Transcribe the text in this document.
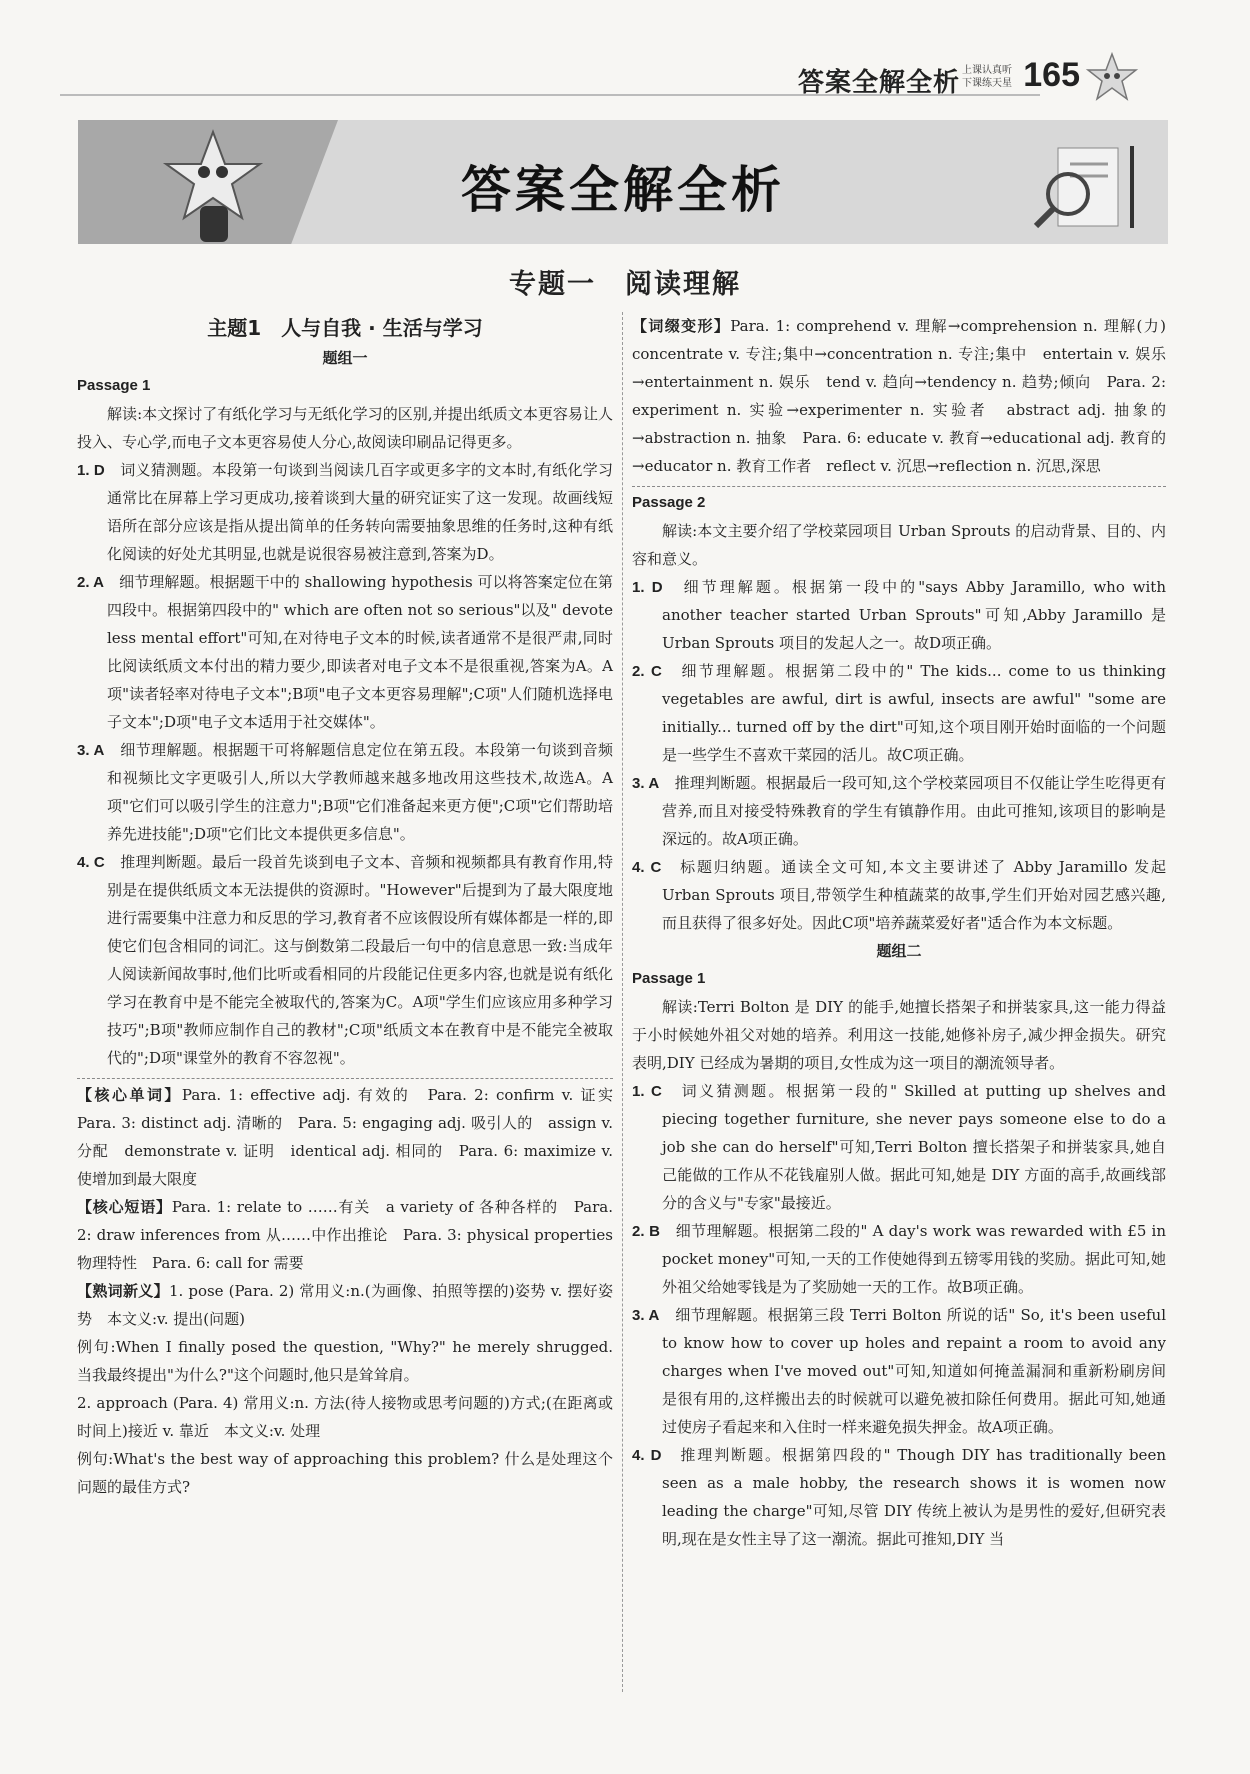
答案全解全析 上课认真听
下课练天星 165
答案全解全析
专题一　阅读理解
主题1　人与自我 · 生活与学习
题组一
Passage 1

解读:本文探讨了有纸化学习与无纸化学习的区别,并提出纸质文本更容易让人投入、专心学,而电子文本更容易使人分心,故阅读印刷品记得更多。

1. D　 词义猜测题。本段第一句谈到当阅读几百字或更多字的文本时,有纸化学习通常比在屏幕上学习更成功,接着谈到大量的研究证实了这一发现。故画线短语所在部分应该是指从提出简单的任务转向需要抽象思维的任务时,这种有纸化阅读的好处尤其明显,也就是说很容易被注意到,答案为D。

2. A　 细节理解题。根据题干中的 shallowing hypothesis 可以将答案定位在第四段中。根据第四段中的" which are often not so serious"以及" devote less mental effort"可知,在对待电子文本的时候,读者通常不是很严肃,同时比阅读纸质文本付出的精力要少,即读者对电子文本不是很重视,答案为A。A项"读者轻率对待电子文本";B项"电子文本更容易理解";C项"人们随机选择电子文本";D项"电子文本适用于社交媒体"。

3. A　 细节理解题。根据题干可将解题信息定位在第五段。本段第一句谈到音频和视频比文字更吸引人,所以大学教师越来越多地改用这些技术,故选A。A项"它们可以吸引学生的注意力";B项"它们准备起来更方便";C项"它们帮助培养先进技能";D项"它们比文本提供更多信息"。

4. C　 推理判断题。最后一段首先谈到电子文本、音频和视频都具有教育作用,特别是在提供纸质文本无法提供的资源时。"However"后提到为了最大限度地进行需要集中注意力和反思的学习,教育者不应该假设所有媒体都是一样的,即使它们包含相同的词汇。这与倒数第二段最后一句中的信息意思一致:当成年人阅读新闻故事时,他们比听或看相同的片段能记住更多内容,也就是说有纸化学习在教育中是不能完全被取代的,答案为C。A项"学生们应该应用多种学习技巧";B项"教师应制作自己的教材";C项"纸质文本在教育中是不能完全被取代的";D项"课堂外的教育不容忽视"。

【核心单词】Para. 1: effective adj. 有效的　Para. 2: confirm v. 证实　Para. 3: distinct adj. 清晰的　Para. 5: engaging adj. 吸引人的　assign v. 分配　demonstrate v. 证明　identical adj. 相同的　Para. 6: maximize v. 使增加到最大限度

【核心短语】Para. 1: relate to ……有关　a variety of 各种各样的　Para. 2: draw inferences from 从……中作出推论　Para. 3: physical properties 物理特性　Para. 6: call for 需要

【熟词新义】1. pose (Para. 2) 常用义:n.(为画像、拍照等摆的)姿势 v. 摆好姿势　本文义:v. 提出(问题)

例句:When I finally posed the question, "Why?" he merely shrugged. 当我最终提出"为什么?"这个问题时,他只是耸耸肩。

2. approach (Para. 4) 常用义:n. 方法(待人接物或思考问题的)方式;(在距离或时间上)接近 v. 靠近　本文义:v. 处理

例句:What's the best way of approaching this problem? 什么是处理这个问题的最佳方式?

【词缀变形】Para. 1: comprehend v. 理解→comprehension n. 理解(力)　concentrate v. 专注;集中→concentration n. 专注;集中　entertain v. 娱乐→entertainment n. 娱乐　tend v. 趋向→tendency n. 趋势;倾向　Para. 2: experiment n. 实验→experimenter n. 实验者　abstract adj. 抽象的→abstraction n. 抽象　Para. 6: educate v. 教育→educational adj. 教育的→educator n. 教育工作者　reflect v. 沉思→reflection n. 沉思,深思

Passage 2

解读:本文主要介绍了学校菜园项目 Urban Sprouts 的启动背景、目的、内容和意义。

1. D　 细节理解题。根据第一段中的"says Abby Jaramillo, who with another teacher started Urban Sprouts"可知,Abby Jaramillo 是 Urban Sprouts 项目的发起人之一。故D项正确。

2. C　 细节理解题。根据第二段中的" The kids... come to us thinking vegetables are awful, dirt is awful, insects are awful" "some are initially... turned off by the dirt"可知,这个项目刚开始时面临的一个问题是一些学生不喜欢干菜园的活儿。故C项正确。

3. A　 推理判断题。根据最后一段可知,这个学校菜园项目不仅能让学生吃得更有营养,而且对接受特殊教育的学生有镇静作用。由此可推知,该项目的影响是深远的。故A项正确。

4. C　 标题归纳题。通读全文可知,本文主要讲述了 Abby Jaramillo 发起 Urban Sprouts 项目,带领学生种植蔬菜的故事,学生们开始对园艺感兴趣,而且获得了很多好处。因此C项"培养蔬菜爱好者"适合作为本文标题。

题组二
Passage 1

解读:Terri Bolton 是 DIY 的能手,她擅长搭架子和拼装家具,这一能力得益于小时候她外祖父对她的培养。利用这一技能,她修补房子,减少押金损失。研究表明,DIY 已经成为暑期的项目,女性成为这一项目的潮流领导者。

1. C　 词义猜测题。根据第一段的" Skilled at putting up shelves and piecing together furniture, she never pays someone else to do a job she can do herself"可知,Terri Bolton 擅长搭架子和拼装家具,她自己能做的工作从不花钱雇别人做。据此可知,她是 DIY 方面的高手,故画线部分的含义与"专家"最接近。

2. B　 细节理解题。根据第二段的" A day's work was rewarded with £5 in pocket money"可知,一天的工作使她得到五镑零用钱的奖励。据此可知,她外祖父给她零钱是为了奖励她一天的工作。故B项正确。

3. A　 细节理解题。根据第三段 Terri Bolton 所说的话" So, it's been useful to know how to cover up holes and repaint a room to avoid any charges when I've moved out"可知,知道如何掩盖漏洞和重新粉刷房间是很有用的,这样搬出去的时候就可以避免被扣除任何费用。据此可知,她通过使房子看起来和入住时一样来避免损失押金。故A项正确。

4. D　 推理判断题。根据第四段的" Though DIY has traditionally been seen as a male hobby, the research shows it is women now leading the charge"可知,尽管 DIY 传统上被认为是男性的爱好,但研究表明,现在是女性主导了这一潮流。据此可推知,DIY 当
